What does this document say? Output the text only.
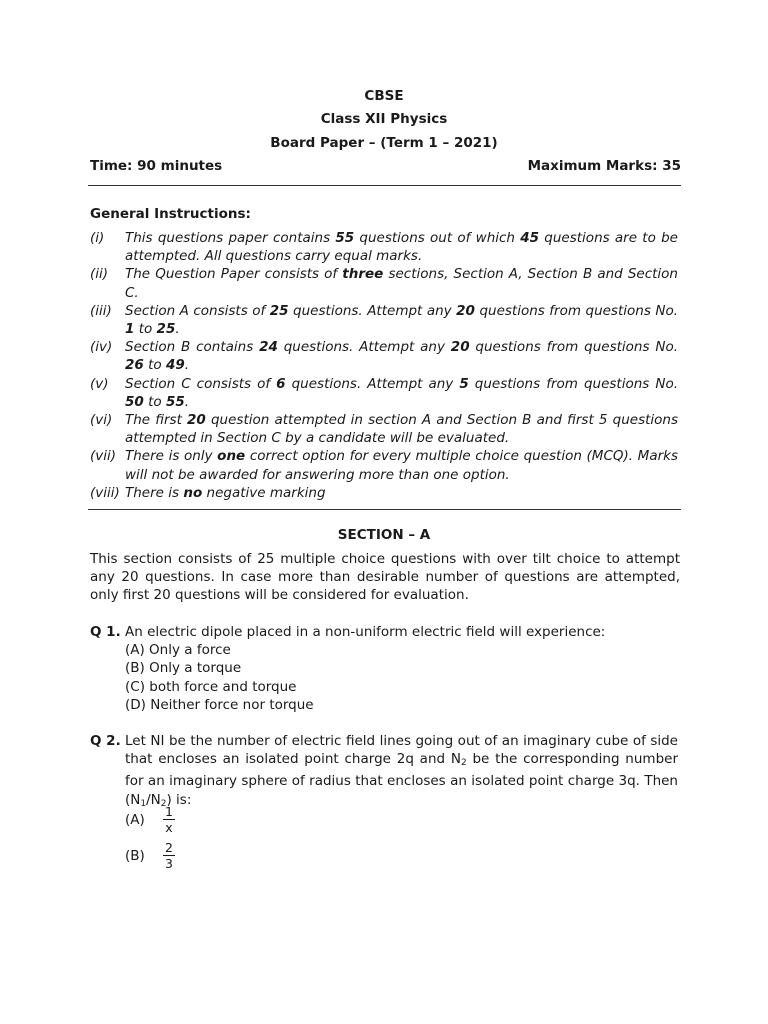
CBSE
Class XII Physics
Board Paper – (Term 1 – 2021)
Time: 90 minutes	Maximum Marks: 35
General Instructions:
(i)	This questions paper contains 55 questions out of which 45 questions are to be attempted. All questions carry equal marks.
(ii)	The Question Paper consists of three sections, Section A, Section B and Section C.
(iii) Section A consists of 25 questions. Attempt any 20 questions from questions No. 1 to 25.
(iv) Section B contains 24 questions. Attempt any 20 questions from questions No. 26 to 49.
(v)	Section C consists of 6 questions. Attempt any 5 questions from questions No. 50 to 55.
(vi) The first 20 question attempted in section A and Section B and first 5 questions attempted in Section C by a candidate will be evaluated.
(vii) There is only one correct option for every multiple choice question (MCQ). Marks will not be awarded for answering more than one option.
(viii) There is no negative marking
SECTION – A
This section consists of 25 multiple choice questions with over tilt choice to attempt any 20 questions. In case more than desirable number of questions are attempted, only first 20 questions will be considered for evaluation.
Q 1. An electric dipole placed in a non-uniform electric field will experience:
(A) Only a force
(B) Only a torque
(C) both force and torque
(D) Neither force nor torque
Q 2. Let NI be the number of electric field lines going out of an imaginary cube of side that encloses an isolated point charge 2q and $N_2$ be the corresponding number for an imaginary sphere of radius that encloses an isolated point charge 3q. Then $(N_1/N_2)$ is:
(A)	$\frac{1}{x}$
(B)	$\frac{2}{3}$
